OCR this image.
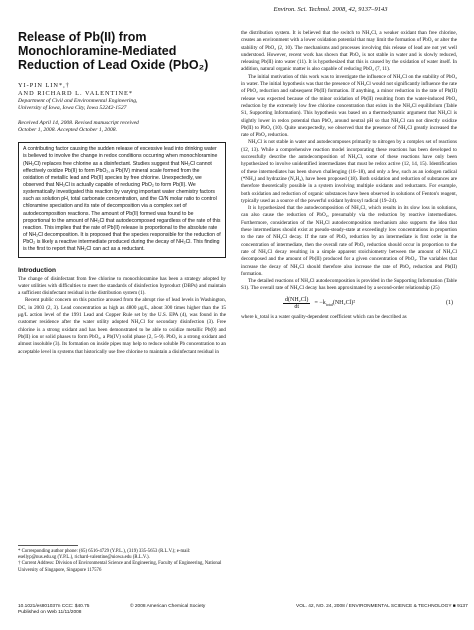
Environ. Sci. Technol. 2008, 42, 9137–9143
Release of Pb(II) from Monochloramine-Mediated Reduction of Lead Oxide (PbO₂)
YI-PIN LIN*,†
AND RICHARD L. VALENTINE*
Department of Civil and Environmental Engineering,
University of Iowa, Iowa City, Iowa 52242-1527
Received April 14, 2008. Revised manuscript received
October 1, 2008. Accepted October 1, 2008.
A contributing factor causing the sudden release of excessive lead into drinking water is believed to involve the change in redox conditions occurring when monochloramine (NH₂Cl) replaces free chlorine as a disinfectant. Studies suggest that NH₂Cl cannot effectively oxidize Pb(II) to form PbO₂, a Pb(IV) mineral scale formed from the oxidation of metallic lead and Pb(II) species by free chlorine. Unexpectedly, we observed that NH₂Cl is actually capable of reducing PbO₂ to form Pb(II). We systematically investigated this reaction by varying important water chemistry factors such as solution pH, total carbonate concentration, and the Cl/N molar ratio to control chloramine speciation and its rate of decomposition via a complex set of autodecomposition reactions. The amount of Pb(II) formed was found to be proportional to the amount of NH₂Cl that autodecomposed regardless of the rate of this reaction. This implies that the rate of Pb(II) release is proportional to the absolute rate of NH₂Cl decomposition. It is proposed that the species responsible for the reduction of PbO₂ is likely a reactive intermediate produced during the decay of NH₂Cl. This finding is the first to report that NH₂Cl can act as a reductant.
Introduction

The change of disinfectant from free chlorine to monochloramine has been a strategy adopted by water utilities with difficulties to meet the standards of disinfection byproduct (DBPs) and maintain a sufficient disinfectant residual in the distribution system (1).

Recent public concern on this practice aroused from the abrupt rise of lead levels in Washington, DC, in 2003 (2, 3). Lead concentration as high as 4800 μg/L, about 300 times higher than the 15 μg/L action level of the 1991 Lead and Copper Rule set by the U.S. EPA (4), was found in the customer residence after the water utility adopted NH₂Cl for secondary disinfection (3). Free chlorine is a strong oxidant and has been demonstrated to be able to oxidize metallic Pb(0) and Pb(II) ion or solid phases to form PbO₂, a Pb(IV) solid phase (2, 5–9). PbO₂ is a strong oxidant and almost insoluble (3). Its formation on inside pipes may help to reduce soluble Pb concentration to an acceptable level in systems that historically use free chlorine to maintain a disinfectant residual in

* Corresponding author phone: (65) 6516-4729 (Y.P.L.), (319) 335-5653 (R.L.V.); e-mail: esellyp@nus.edu.sg (Y.P.L.), richard-valentine@uiowa.edu (R.L.V.).
† Current Address: Division of Environmental Science and Engineering, Faculty of Engineering, National University of Singapore, Singapore 117576
10.1021/es801037n CCC: $40.75
Published on Web 11/11/2008
© 2008 American Chemical Society	VOL. 42, NO. 24, 2008 / ENVIRONMENTAL SCIENCE & TECHNOLOGY ■ 9137

the distribution system. It is believed that the switch to NH₂Cl, a weaker oxidant than free chlorine, creates an environment with a lower oxidation potential that may limit the formation of PbO₂ or alter the stability of PbO₂ (2, 10). The mechanisms and processes involving this release of lead are not yet well understood. However, recent work has shown that PbO₂ is not stable in water and is slowly reduced, releasing Pb(II) into water (11). It is hypothesized that this is caused by the oxidation of water itself. In addition, natural organic matter is also capable of reducing PbO₂ (7, 11).

The initial motivation of this work was to investigate the influence of NH₂Cl on the stability of PbO₂ in water. The initial hypothesis was that the presence of NH₂Cl would not significantly influence the rate of PbO₂ reduction and subsequent Pb(II) formation. If anything, a minor reduction in the rate of Pb(II) release was expected because of the minor oxidation of Pb(II) resulting from the water-induced PbO₂ reduction by the extremely low free chlorine concentration that exists in the NH₂Cl equilibrium (Table S1, Supporting Information). This hypothesis was based on a thermodynamic argument that NH₂Cl is slightly lower in redox potential than PbO₂ around neutral pH so that NH₂Cl can not directly oxidize Pb(II) to PbO₂ (10). Quite unexpectedly, we observed that the presence of NH₂Cl greatly increased the rate of PbO₂ reduction.

NH₂Cl is not stable in water and autodecomposes primarily to nitrogen by a complex set of reactions (12, 13). While a comprehensive reaction model incorporating these reactions has been developed to successfully describe the autodecomposition of NH₂Cl, some of these reactions have only been hypothesized to involve unidentified intermediates that must be redox active (12, 14, 15). Identification of these intermediates has been shown challenging (16–18), and only a few, such as an iodogen radical (*NH₂) and hydrazine (N₂H₄), have been proposed (18). Both oxidation and reduction of substances are therefore theoretically possible in a system involving multiple oxidants and reductants. For example, both oxidation and reduction of organic substances have been observed in solutions of Fenton's reagent, typically used as a source of the powerful oxidant hydroxyl radical (19–24).

It is hypothesized that the autodecomposition of NH₂Cl, which results in its slow loss in solutions, can also cause the reduction of PbO₂, presumably via the reduction by reactive intermediates. Furthermore, consideration of the NH₂Cl autodecomposition mechanism also supports the idea that these intermediates should exist at pseudo-steady-state at exceedingly low concentrations in proportion to the rate of NH₂Cl decay. If the rate of PbO₂ reduction by an intermediate is first order in the concentration of intermediate, then the overall rate of PbO₂ reduction should occur in proportion to the rate of NH₂Cl decay resulting in a simple apparent stoichiometry between the amount of NH₂Cl decomposed and the amount of Pb(II) produced for a given concentration of PbO₂. The variables that increase the decay of NH₂Cl should therefore also increase the rate of PbO₂ reduction and Pb(II) formation.

The detailed reactions of NH₂Cl autodecomposition is provided in the Supporting Information (Table S1). The overall rate of NH₂Cl decay has been approximated by a second-order relationship (25)

$\frac{\text{d(NH₂Cl)}}{dt} = -k_{total}(NH_2Cl)^2$	(1)

where k_total is a water quality-dependent coefficient which can be described as
